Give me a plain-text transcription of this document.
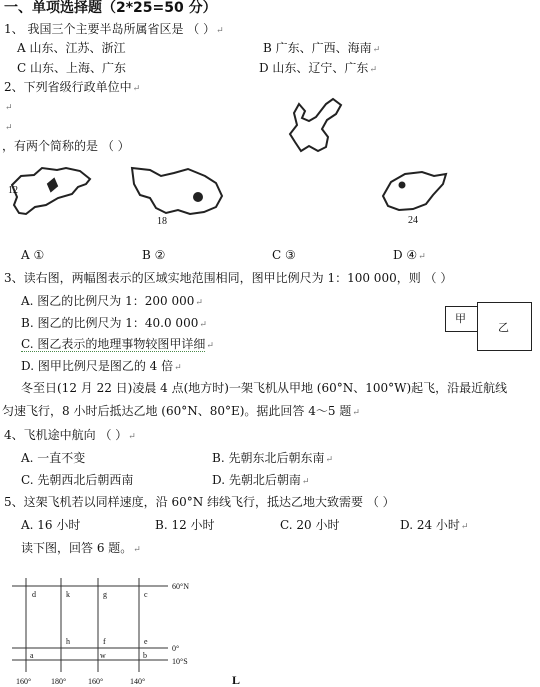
一、单项选择题（2*25=50 分）
1、 我国三个主要半岛所属省区是 （ ）↵
A 山东、江苏、浙江	B 广东、广西、海南↵
C 山东、上海、广东	D 山东、辽宁、广东↵
2、下列省级行政单位中↵
↵
↵
，有两个简称的是 （ ）
12
18	24
A ①	B ②	C ③	D ④↵
3、读右图，两幅图表示的区域实地范围相同，图甲比例尺为 1：100 000，则 （ ）
A. 图乙的比例尺为 1：200 000↵
B. 图乙的比例尺为 1：40.0 000↵
C. 图乙表示的地理事物较图甲详细↵
D. 图甲比例尺是图乙的 4 倍↵
甲
乙
冬至日(12 月 22 日)凌晨 4 点(地方时)一架飞机从甲地 (60°N、100°W)起飞，沿最近航线
匀速飞行，8 小时后抵达乙地 (60°N、80°E)。据此回答 4～5 题↵
4、飞机途中航向 （ ）↵
A. 一直不变	B. 先朝东北后朝东南↵
C. 先朝西北后朝西南	D. 先朝北后朝南↵
5、这架飞机若以同样速度，沿 60°N 纬线飞行，抵达乙地大致需要 （ ）
A. 16 小时	B. 12 小时	C. 20 小时	D. 24 小时↵
读下图，回答 6 题。↵
60°N
0°
10°S
d	k	g	c
h	f	e
a	w	b
160° 180°	160°	140°	L
